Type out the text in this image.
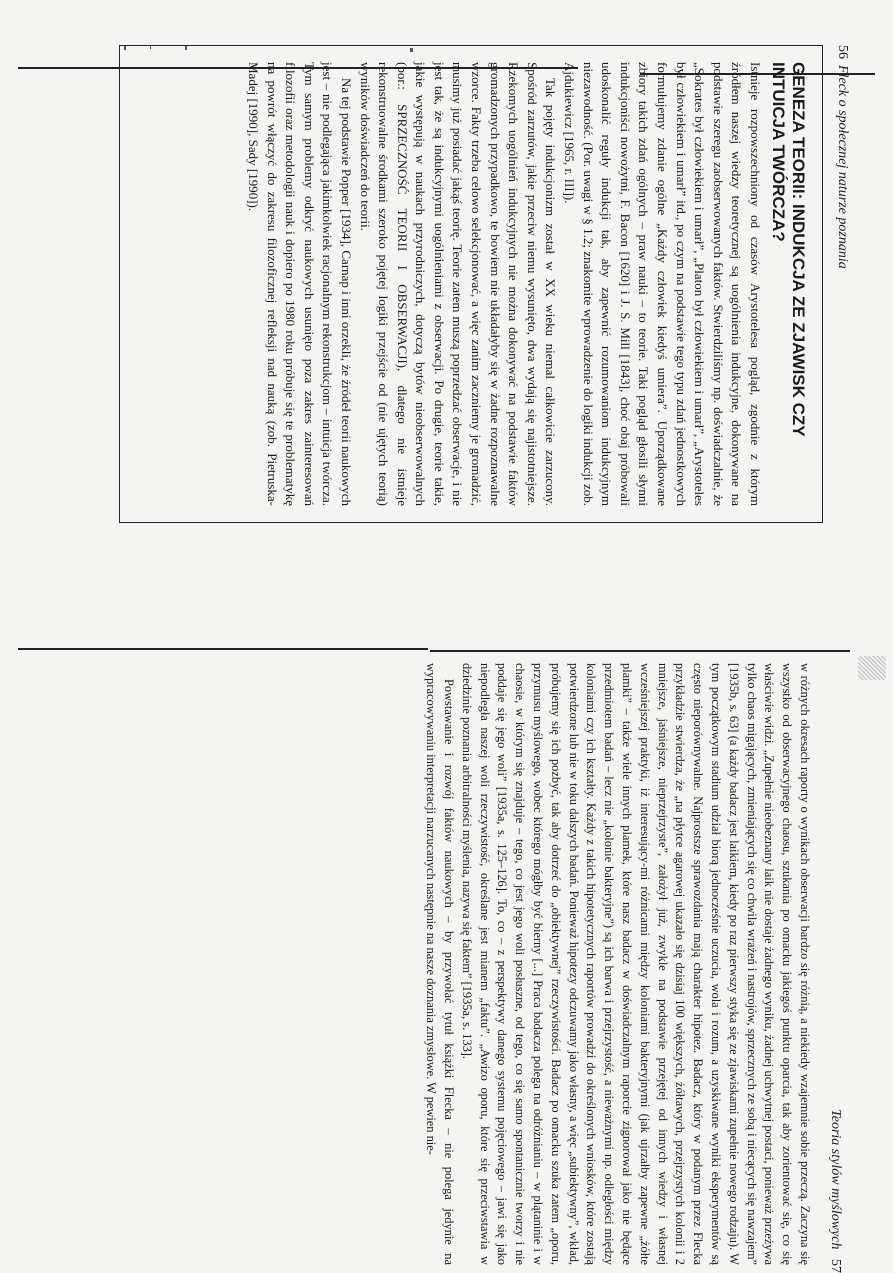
56Fleck o społecznej naturze poznania
GENEZA TEORII: INDUKCJA ZE ZJAWISK CZY INTUICJA TWÓRCZA?

Istnieje rozpowszechniony od czasów Arystotelesa pogląd, zgodnie z którym źródłem naszej wiedzy teoretycznej są uogólnienia indukcyjne, dokonywane na podstawie szeregu zaobserwowanych faktów. Stwierdziliśmy np. doświadczalnie, że „Sokrates był człowiekiem i umarł”, „Platon był człowiekiem i umarł”, „Arystoteles był człowiekiem i umarł” itd., po czym na podstawie tego typu zdań jednostkowych formułujemy zdanie ogólne „Każdy człowiek kiedyś umiera”. Uporządkowane zbiory takich zdań ogólnych – praw nauki – to teorie. Taki pogląd głosili słynni indukcjoniści nowożytni, F. Bacon [1620] i J. S. Mill [1843], choć obaj próbowali udoskonalić reguły indukcji tak, aby zapewnić rozumowaniom indukcyjnym niezawodność. (Por. uwagi w § 1.2; znakomite wprowadzenie do logiki indukcji zob. Ajdukiewicz [1965, r. III]).

Tak pojęty indukcjonizm został w XX wieku niemal całkowicie zarzucony. Spośród zarzutów, jakie przeciw niemu wysunięto, dwa wydają się najistotniejsze. Rzekomych uogólnień indukcyjnych nie można dokonywać na podstawie faktów gromadzonych przypadkowo, te bowiem nie układałyby się w żadne rozpoznawalne wzorce. Fakty trzeba celowo selekcjonować, a więc zanim zaczniemy je gromadzić, musimy już posiadać jakąś teorię. Teorie zatem muszą poprzedzać obserwacje, i nie jest tak, że są indukcyjnymi uogólnieniami z obserwacji. Po drugie, teorie takie, jakie występują w naukach przyrodniczych, dotyczą bytów nieobserwowalnych (por.: SPRZECZNOŚĆ TEORII I OBSERWACJI), dlatego nie istnieje rekonstruowalne środkami szeroko pojętej logiki przejście od (nie ujętych teorią) wyników doświadczeń do teorii.

Na tej podstawie Popper [1934], Carnap i inni orzekli, że źródeł teorii naukowych jest – nie podlegająca jakimkolwiek racjonalnym rekonstrukcjom – intuicja twórcza. Tym samym problemy odkryć naukowych usunięto poza zakres zainteresowań filozofii oraz metodologii nauk i dopiero po 1980 roku próbuje się te problematykę na powrót włączyć do zakresu filozoficznej refleksji nad nauką (zob. Pietruska-Madej [1990], Sady [1990]).

Teoria stylów myślowych 57

w różnych okresach raporty o wynikach obserwacji bardzo się różnią, a niekiedy wzajemnie sobie przeczą. Zaczyna się wszystko od obserwacyjnego chaosu, szukania po omacku jakiegoś punktu oparcia, tak aby zorientować się, co się właściwie widzi. „Zupełnie nieobeznany laik nie dostaje żadnego wyniku, żadnej uchwytnej postaci, ponieważ przeżywa tylko chaos migających, zmieniających się co chwila wrażeń i nastrojów, sprzecznych ze sobą i niecących się nawzajem” [1935b, s. 63] (a każdy badacz jest laikiem, kiedy po raz pierwszy styka się ze zjawiskami zupełnie nowego rodzaju). W tym początkowym stadium udział biorą jednocześnie uczucia, wola i rozum, a uzyskiwane wyniki eksperymentów są często nieporównywalne. Najprostsze sprawozdania mają charakter hipotez. Badacz, który w podanym przez Flecka przykładzie stwierdza, że „na płytce agarowej ukazało się dzisiaj 100 większych, żółtawych, przejrzystych kolonii i 2 mniejsze, jaśniejsze, nieprzejrzyste”, założył już, zwykle na podstawie przejętej od innych wiedzy i własnej wcześniejszej praktyki, iż interesujący-mi różnicami między koloniami bakteryjnymi (jak ujrzałby zapewne „żółte plamki” – także wiele innych plamek, które nasz badacz w doświadczalnym raporcie zignorował jako nie będące przedmiotem badań – lecz nie „kolonie bakteryjne”) są ich barwa i przejrzystość, a nieważnymi np. odległości między koloniami czy ich kształty. Każdy z takich hipotetycznych raportów prowadzi do określonych wniosków, które zostają potwierdzone lub nie w toku dalszych badań. Ponieważ hipotezy odczuwamy jako własny, a więc „subiektywny”, wkład, próbujemy się ich pozbyć, tak aby dotrzeć do „obiektywnej” rzeczywistości. Badacz po omacku szuka zatem „oporu, przymusu myślowego, wobec którego mógłby być bierny [...] Praca badacza polega na odróżnianiu – w plątaninie i w chaosie, w którym się znajduje – tego, co jest jego woli posłuszne, od tego, co się samo spontanicznie tworzy i nie poddaje się jego woli” [1935a, s. 125–126]. To, co – z perspektywy danego systemu pojęciowego – jawi się jako niepodległa naszej woli rzeczywistość, określane jest mianem „faktu”. „Awizo oporu, które się przeciwstawia w dziedzinie poznania arbitralności myślenia, nazywa się faktem” [1935a, s. 133].

Powstawanie i rozwój faktów naukowych – by przywołać tytuł książki Flecka – nie polega jedynie na wypracowywaniu interpretacji narzucanych następnie na nasze doznania zmysłowe. W pewien nie-
